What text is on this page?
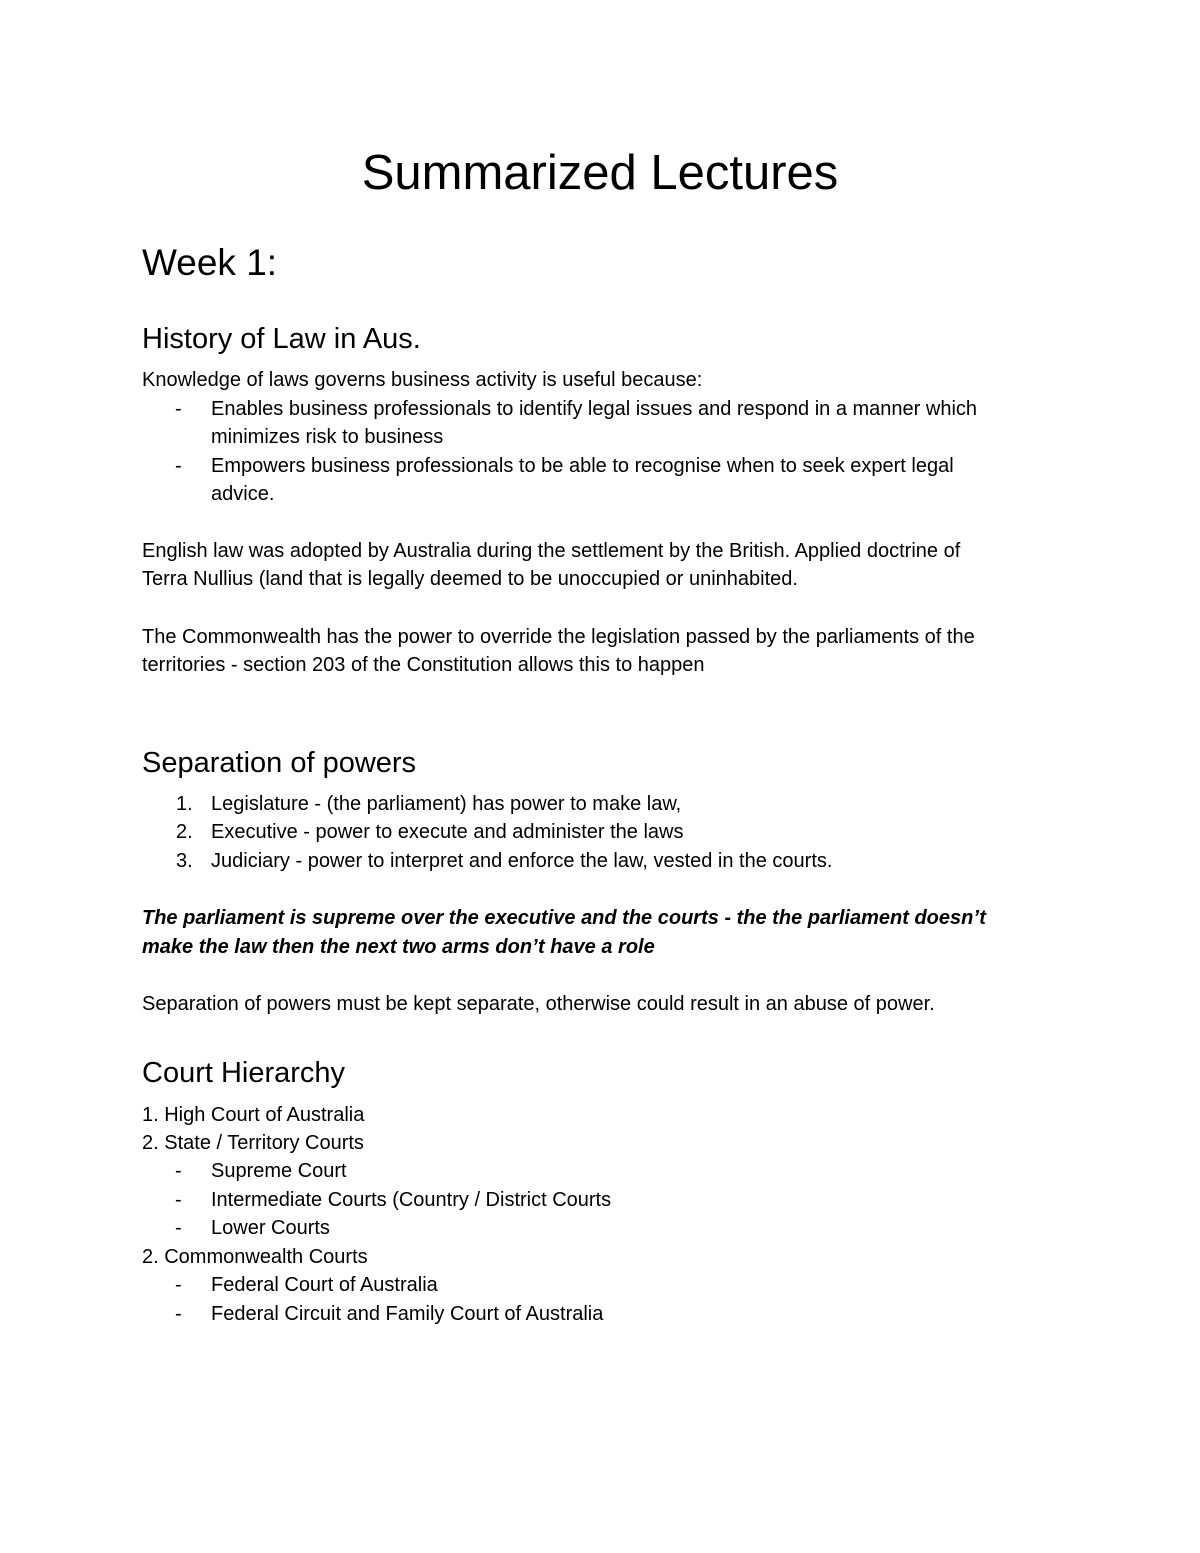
Summarized Lectures
Week 1:
History of Law in Aus.
Knowledge of laws governs business activity is useful because:
- Enables business professionals to identify legal issues and respond in a manner which
minimizes risk to business
- Empowers business professionals to be able to recognise when to seek expert legal
advice.
English law was adopted by Australia during the settlement by the British. Applied doctrine of
Terra Nullius (land that is legally deemed to be unoccupied or uninhabited.
The Commonwealth has the power to override the legislation passed by the parliaments of the
territories - section 203 of the Constitution allows this to happen
Separation of powers
1. Legislature - (the parliament) has power to make law,
2. Executive - power to execute and administer the laws
3. Judiciary - power to interpret and enforce the law, vested in the courts.
The parliament is supreme over the executive and the courts - the the parliament doesn’t
make the law then the next two arms don’t have a role
Separation of powers must be kept separate, otherwise could result in an abuse of power.
Court Hierarchy
1. High Court of Australia
2. State / Territory Courts
- Supreme Court
- Intermediate Courts (Country / District Courts
- Lower Courts
2. Commonwealth Courts
- Federal Court of Australia
- Federal Circuit and Family Court of Australia
